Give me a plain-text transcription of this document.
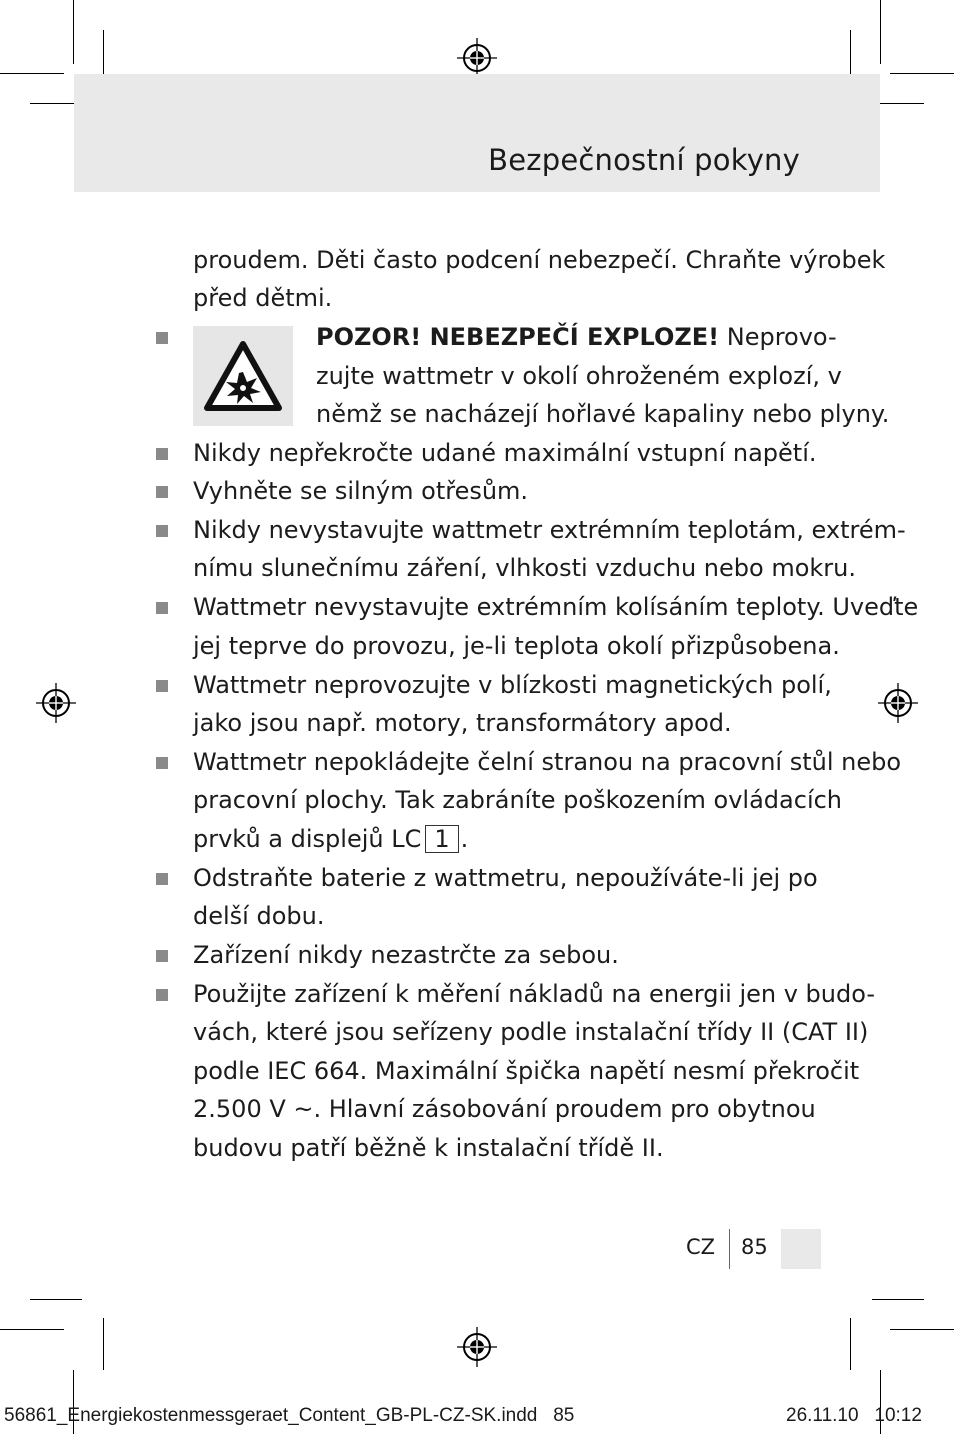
Bezpečnostní pokyny
proudem. Děti často podcení nebezpečí. Chraňte výrobek
před dětmi.
POZOR! NEBEZPEČÍ EXPLOZE! Neprovo-
zujte wattmetr v okolí ohroženém explozí, v
němž se nacházejí hořlavé kapaliny nebo plyny.
Nikdy nepřekročte udané maximální vstupní napětí.
Vyhněte se silným otřesům.
Nikdy nevystavujte wattmetr extrémním teplotám, extrém-
nímu slunečnímu záření, vlhkosti vzduchu nebo mokru.
Wattmetr nevystavujte extrémním kolísáním teploty. Uveďte
jej teprve do provozu, je-li teplota okolí přizpůsobena.
Wattmetr neprovozujte v blízkosti magnetických polí,
jako jsou např. motory, transformátory apod.
Wattmetr nepokládejte čelní stranou na pracovní stůl nebo
pracovní plochy. Tak zabráníte poškozením ovládacích
prvků a displejů LC 1 .
Odstraňte baterie z wattmetru, nepoužíváte-li jej po
delší dobu.
Zařízení nikdy nezastrčte za sebou.
Použijte zařízení k měření nákladů na energii jen v budo-
vách, které jsou seřízeny podle instalační třídy II (CAT II)
podle IEC 664. Maximální špička napětí nesmí překročit
2.500 V ~. Hlavní zásobování proudem pro obytnou
budovu patří běžně k instalační třídě II.
CZ 85
56861_Energiekostenmessgeraet_Content_GB-PL-CZ-SK.indd   85	26.11.10   10:12
